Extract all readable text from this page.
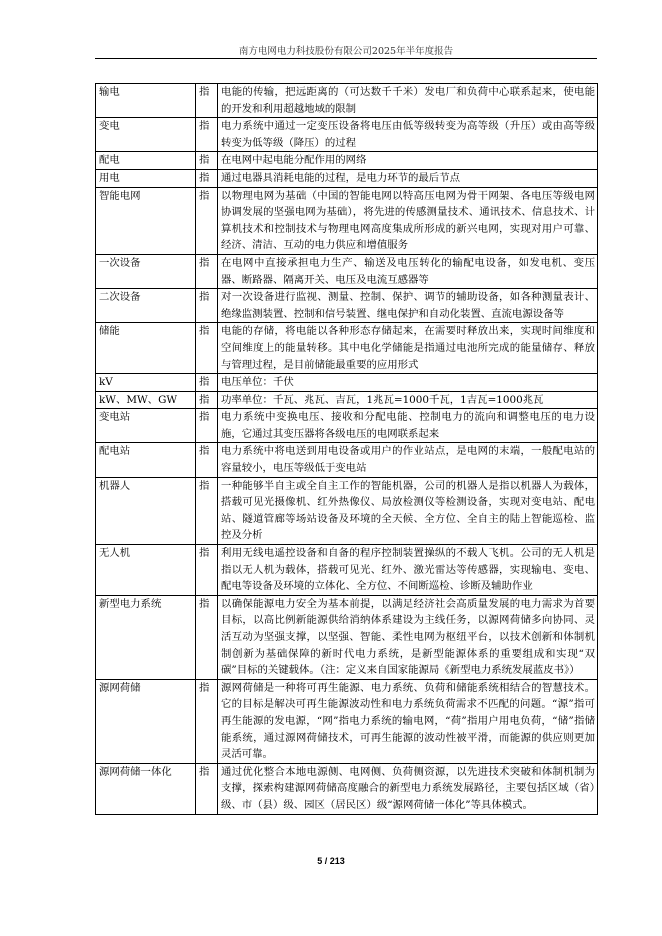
南方电网电力科技股份有限公司2025年半年度报告
输电	指	电能的传输，把远距离的（可达数千千米）发电厂和负荷中心联系起来，使电能的开发和利用超越地域的限制
变电	指	电力系统中通过一定变压设备将电压由低等级转变为高等级（升压）或由高等级转变为低等级（降压）的过程
配电	指	在电网中起电能分配作用的网络
用电	指	通过电器具消耗电能的过程，是电力环节的最后节点
智能电网	指	以物理电网为基础（中国的智能电网以特高压电网为骨干网架、各电压等级电网协调发展的坚强电网为基础），将先进的传感测量技术、通讯技术、信息技术、计算机技术和控制技术与物理电网高度集成所形成的新兴电网，实现对用户可靠、经济、清洁、互动的电力供应和增值服务
一次设备	指	在电网中直接承担电力生产、输送及电压转化的输配电设备，如发电机、变压器、断路器、隔离开关、电压及电流互感器等
二次设备	指	对一次设备进行监视、测量、控制、保护、调节的辅助设备，如各种测量表计、绝缘监测装置、控制和信号装置、继电保护和自动化装置、直流电源设备等
储能	指	电能的存储，将电能以各种形态存储起来，在需要时释放出来，实现时间维度和空间维度上的能量转移。其中电化学储能是指通过电池所完成的能量储存、释放与管理过程，是目前储能最重要的应用形式
kV	指	电压单位：千伏
kW、MW、GW	指	功率单位：千瓦、兆瓦、吉瓦，1兆瓦=1000千瓦，1吉瓦=1000兆瓦
变电站	指	电力系统中变换电压、接收和分配电能、控制电力的流向和调整电压的电力设施，它通过其变压器将各级电压的电网联系起来
配电站	指	电力系统中将电送到用电设备或用户的作业站点，是电网的末端，一般配电站的容量较小，电压等级低于变电站
机器人	指	一种能够半自主或全自主工作的智能机器，公司的机器人是指以机器人为载体，搭载可见光摄像机、红外热像仪、局放检测仪等检测设备，实现对变电站、配电站、隧道管廊等场站设备及环境的全天候、全方位、全自主的陆上智能巡检、监控及分析
无人机	指	利用无线电遥控设备和自备的程序控制装置操纵的不载人飞机。公司的无人机是指以无人机为载体，搭载可见光、红外、激光雷达等传感器，实现输电、变电、配电等设备及环境的立体化、全方位、不间断巡检、诊断及辅助作业
新型电力系统	指	以确保能源电力安全为基本前提，以满足经济社会高质量发展的电力需求为首要目标，以高比例新能源供给消纳体系建设为主线任务，以源网荷储多向协同、灵活互动为坚强支撑，以坚强、智能、柔性电网为枢纽平台，以技术创新和体制机制创新为基础保障的新时代电力系统，是新型能源体系的重要组成和实现“双碳”目标的关键载体。（注：定义来自国家能源局《新型电力系统发展蓝皮书》）
源网荷储	指	源网荷储是一种将可再生能源、电力系统、负荷和储能系统相结合的智慧技术。它的目标是解决可再生能源波动性和电力系统负荷需求不匹配的问题。“源”指可再生能源的发电源，“网”指电力系统的输电网，“荷”指用户用电负荷，“储”指储能系统，通过源网荷储技术，可再生能源的波动性被平滑，而能源的供应则更加灵活可靠。
源网荷储一体化	指	通过优化整合本地电源侧、电网侧、负荷侧资源，以先进技术突破和体制机制为支撑，探索构建源网荷储高度融合的新型电力系统发展路径，主要包括区域（省）级、市（县）级、园区（居民区）级“源网荷储一体化”等具体模式。
5 / 213
